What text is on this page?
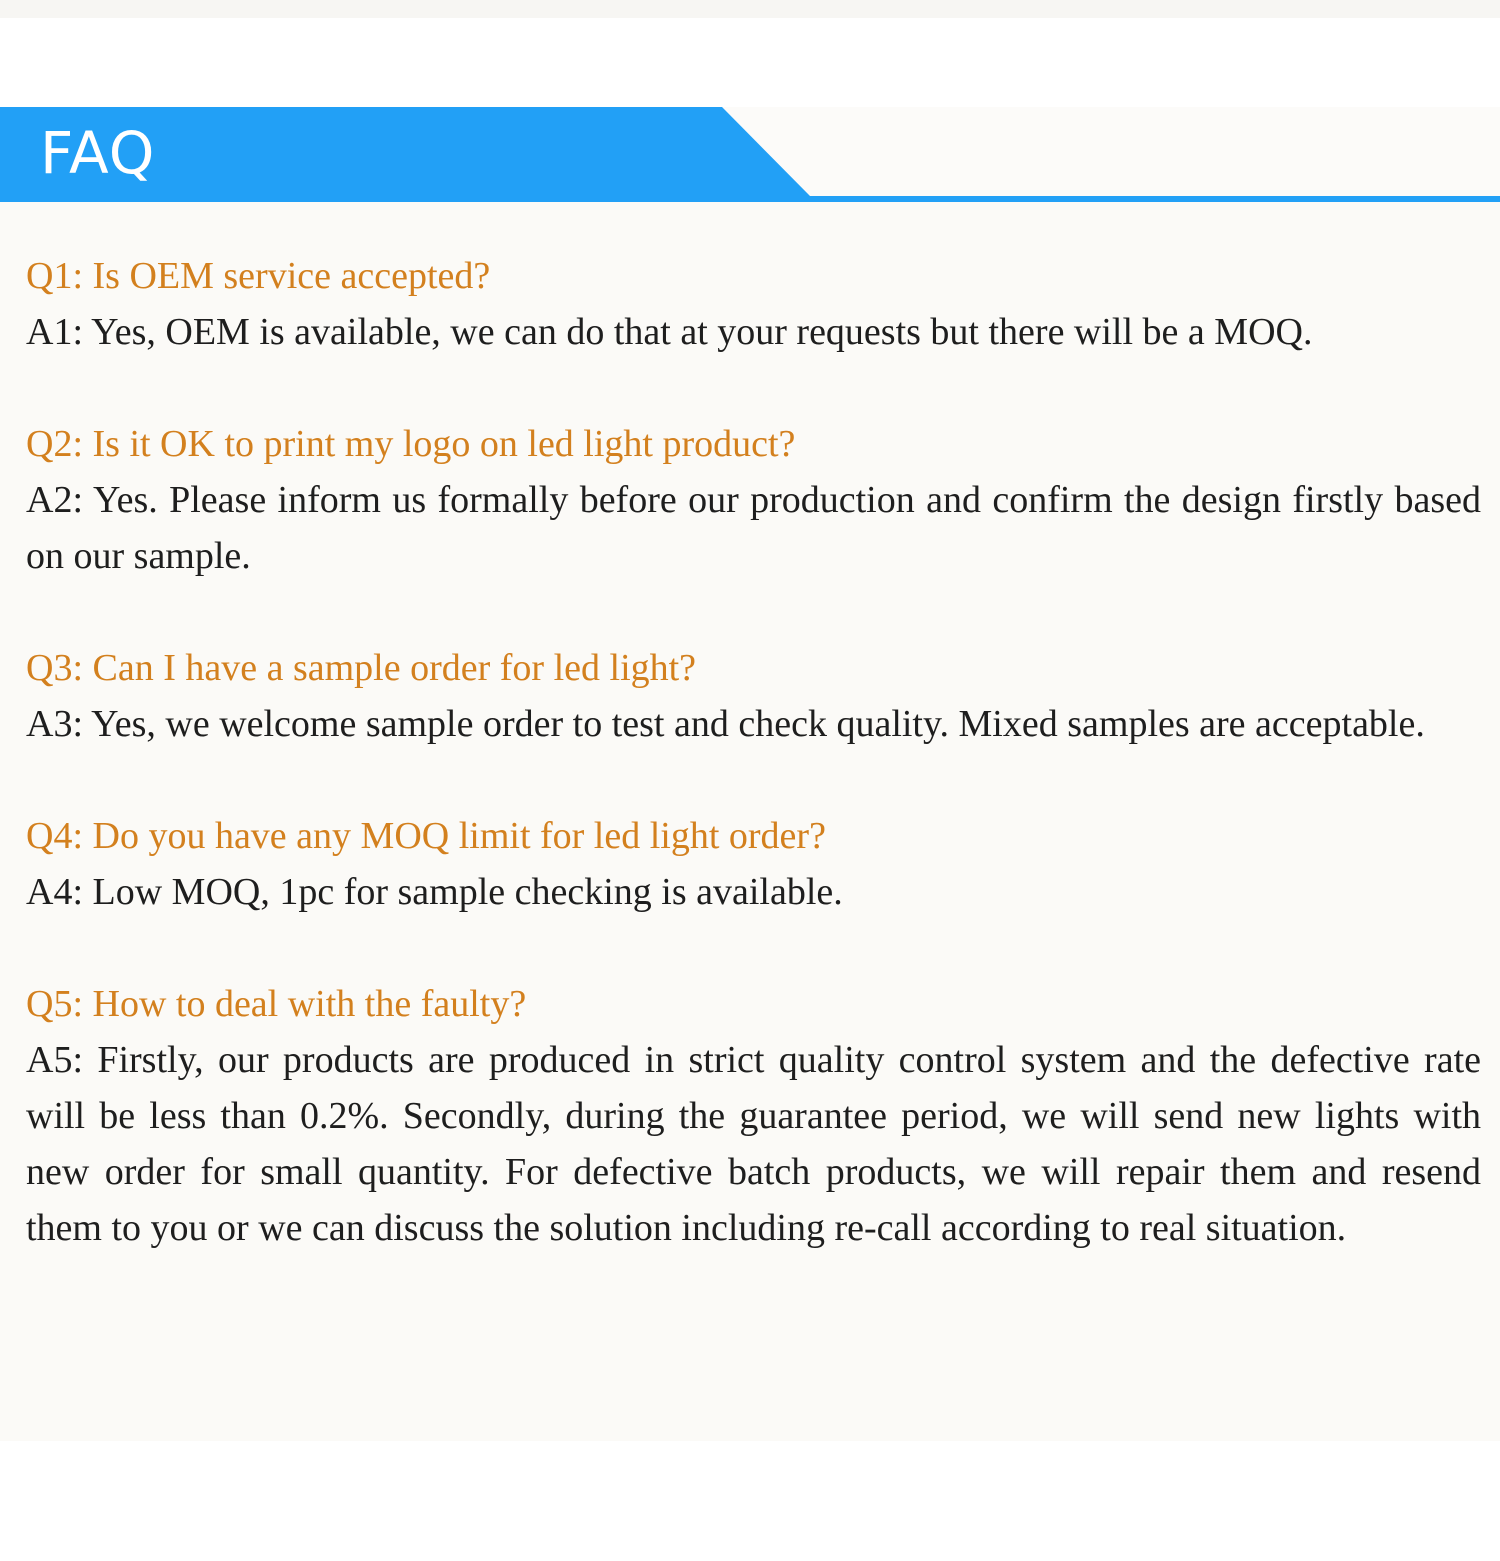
FAQ
Q1: Is OEM service accepted?
A1: Yes, OEM is available, we can do that at your requests but there will be a MOQ.
Q2: Is it OK to print my logo on led light product?
A2: Yes. Please inform us formally before our production and confirm the design firstly based on our sample.
Q3: Can I have a sample order for led light?
A3: Yes, we welcome sample order to test and check quality. Mixed samples are acceptable.
Q4: Do you have any MOQ limit for led light order?
A4: Low MOQ, 1pc for sample checking is available.
Q5: How to deal with the faulty?
A5: Firstly, our products are produced in strict quality control system and the defective rate will be less than 0.2%. Secondly, during the guarantee period, we will send new lights with new order for small quantity. For defective batch products, we will repair them and resend them to you or we can discuss the solution including re-call according to real situation.
